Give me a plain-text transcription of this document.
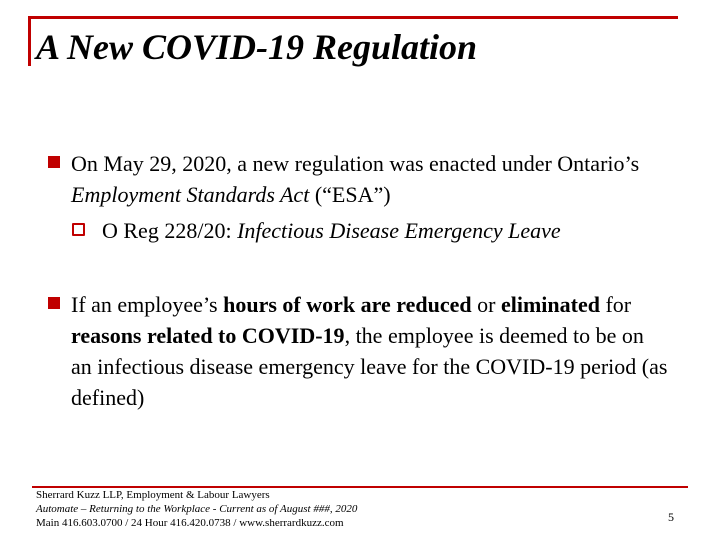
A New COVID-19 Regulation
On May 29, 2020, a new regulation was enacted under Ontario’s Employment Standards Act (“ESA”)
O Reg 228/20: Infectious Disease Emergency Leave
If an employee’s hours of work are reduced or eliminated for reasons related to COVID-19, the employee is deemed to be on an infectious disease emergency leave for the COVID-19 period (as defined)
Sherrard Kuzz LLP, Employment & Labour Lawyers
Automate – Returning to the Workplace - Current as of August ###, 2020
Main 416.603.0700 / 24 Hour 416.420.0738 / www.sherrardkuzz.com	5
